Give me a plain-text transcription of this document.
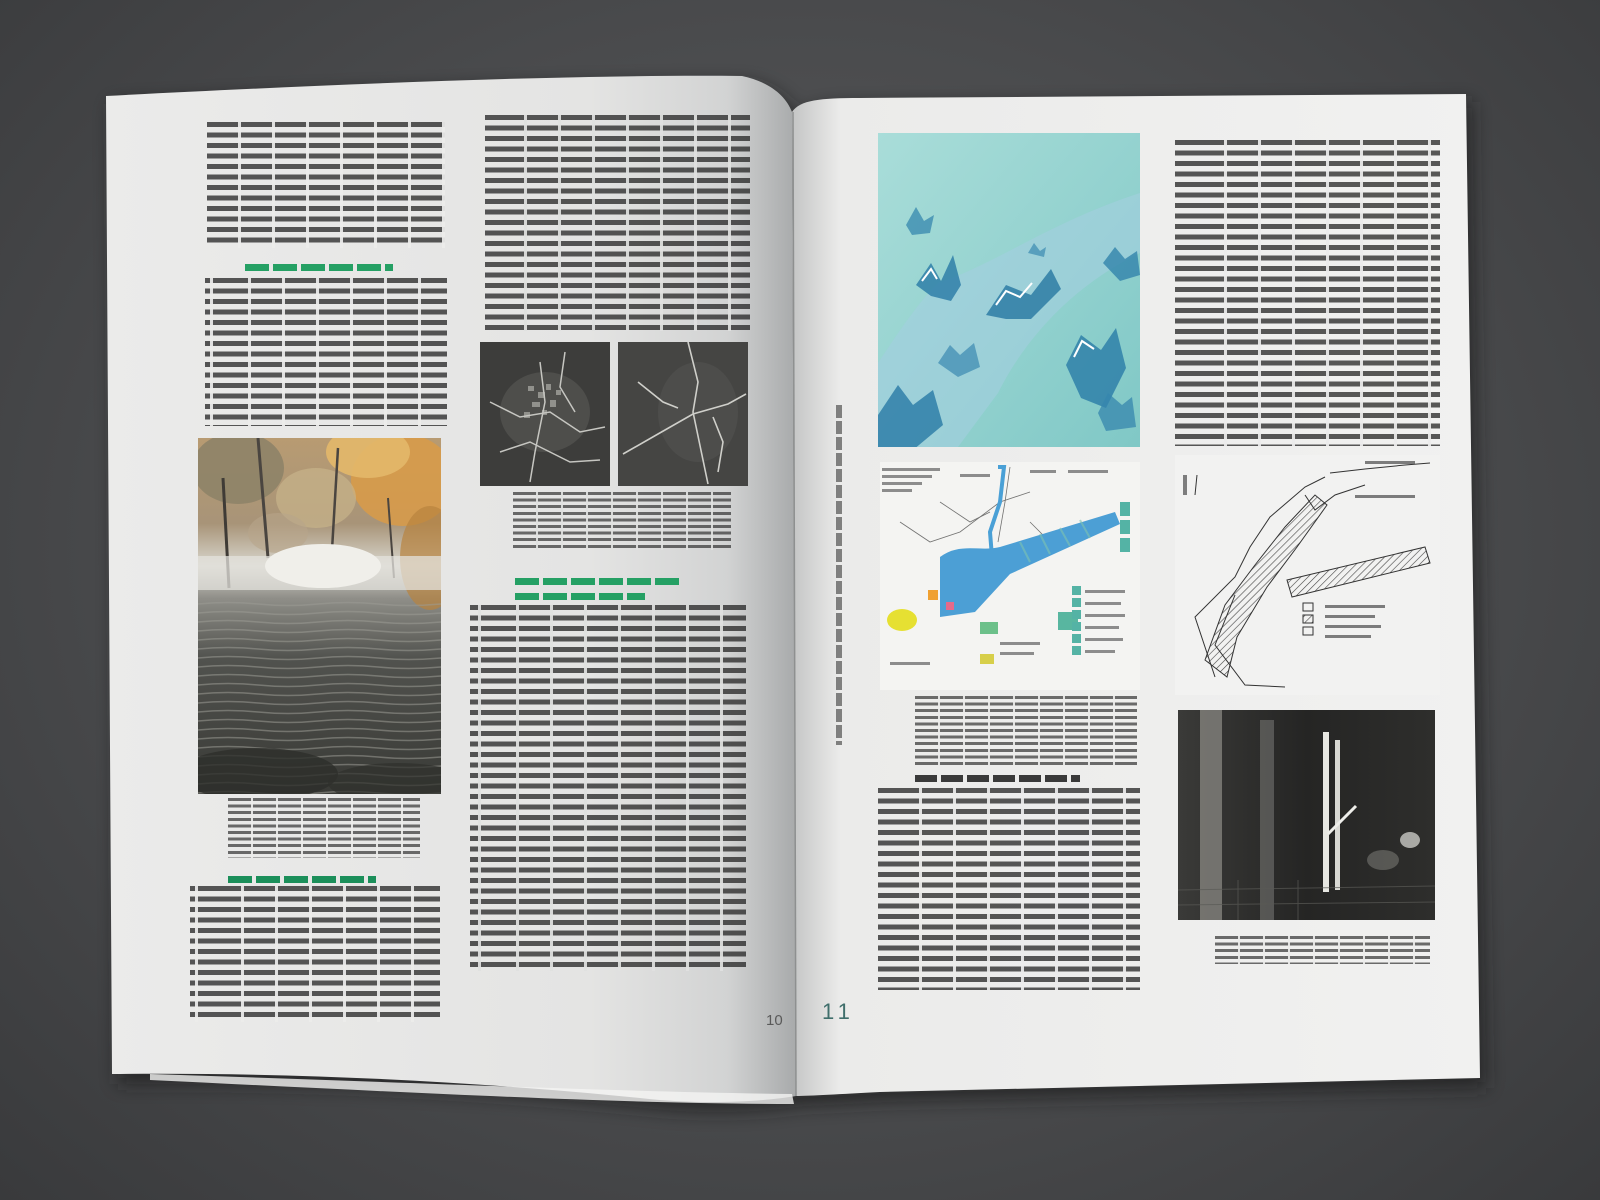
10 11
